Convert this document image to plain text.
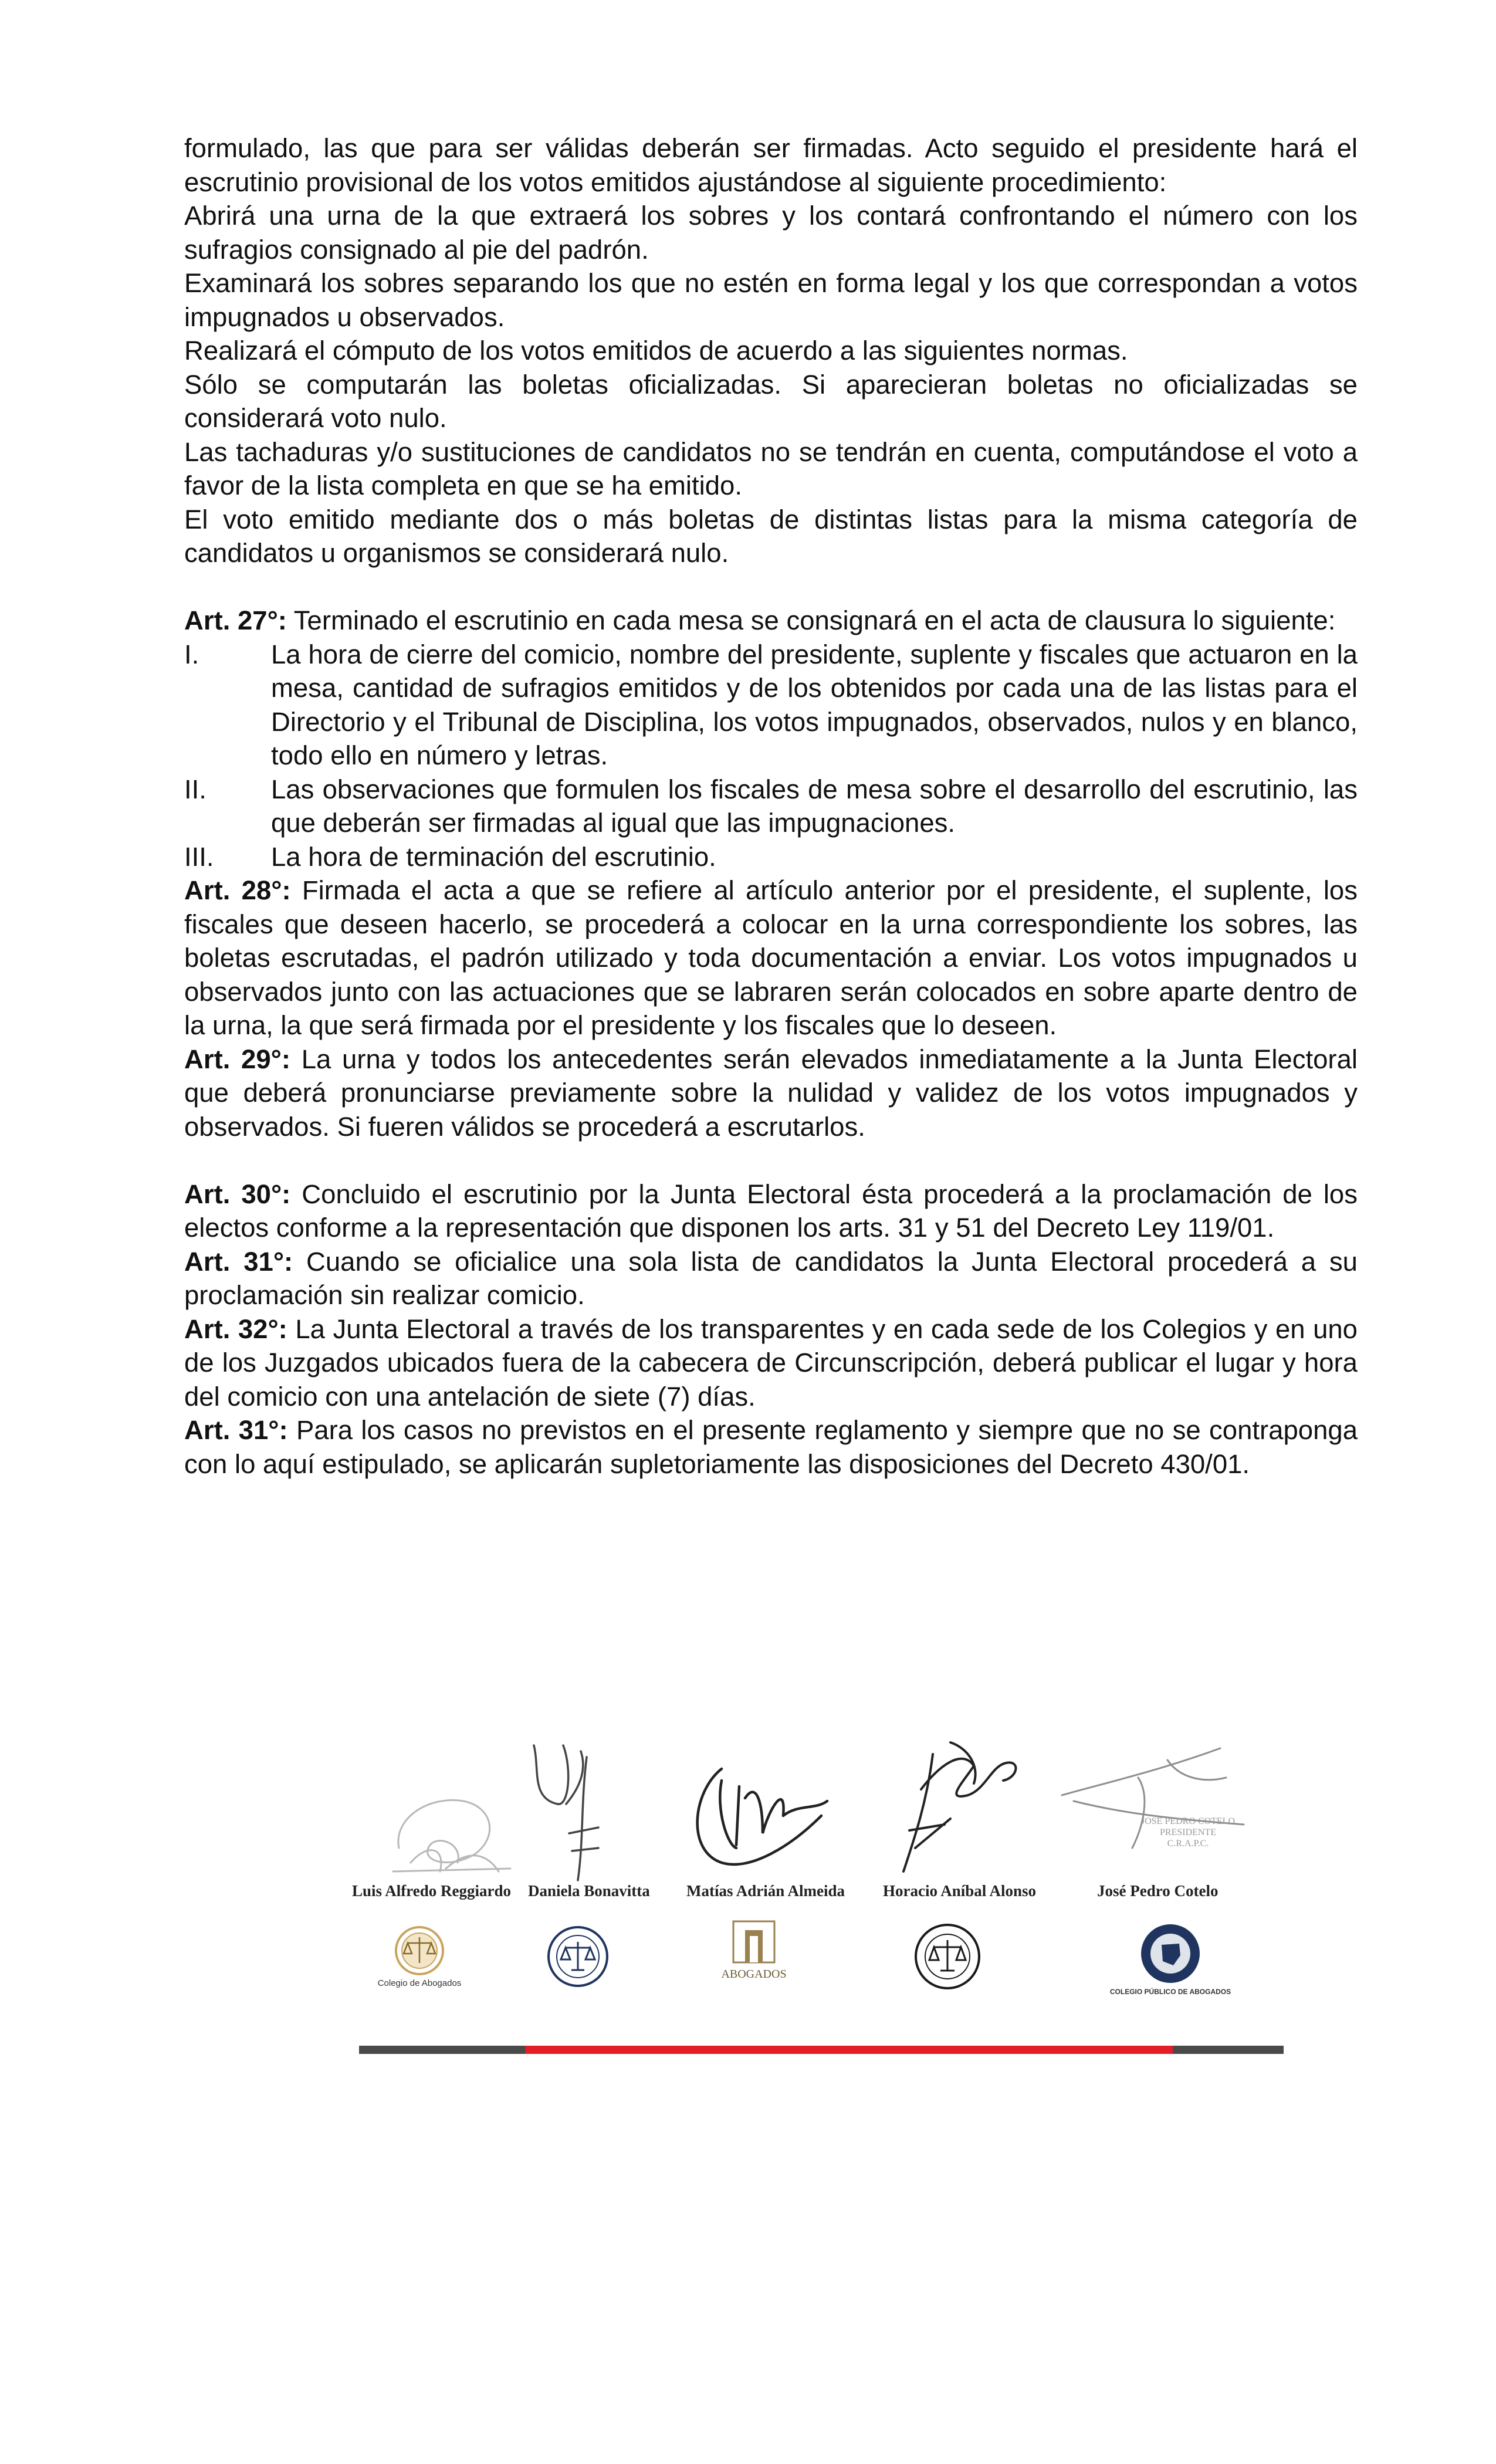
formulado, las que para ser válidas deberán ser firmadas. Acto seguido el presidente hará el escrutinio provisional de los votos emitidos ajustándose al siguiente procedimiento:

Abrirá una urna de la que extraerá los sobres y los contará confrontando el número con los sufragios consignado al pie del padrón.

Examinará los sobres separando los que no estén en forma legal y los que correspondan a votos impugnados u observados.

Realizará el cómputo de los votos emitidos de acuerdo a las siguientes normas.

Sólo se computarán las boletas oficializadas. Si aparecieran boletas no oficializadas se considerará voto nulo.

Las tachaduras y/o sustituciones de candidatos no se tendrán en cuenta, computándose el voto a favor de la lista completa en que se ha emitido.

El voto emitido mediante dos o más boletas de distintas listas para la misma categoría de candidatos u organismos se considerará nulo.

Art. 27°: Terminado el escrutinio en cada mesa se consignará en el acta de clausura lo siguiente:

I.	La hora de cierre del comicio, nombre del presidente, suplente y fiscales que actuaron en la mesa, cantidad de sufragios emitidos y de los obtenidos por cada una de las listas para el Directorio y el Tribunal de Disciplina, los votos impugnados, observados, nulos y en blanco, todo ello en número y letras.
II.	Las observaciones que formulen los fiscales de mesa sobre el desarrollo del escrutinio, las que deberán ser firmadas al igual que las impugnaciones.
III.	La hora de terminación del escrutinio.

Art. 28°: Firmada el acta a que se refiere al artículo anterior por el presidente, el suplente, los fiscales que deseen hacerlo, se procederá a colocar en la urna correspondiente los sobres, las boletas escrutadas, el padrón utilizado y toda documentación a enviar. Los votos impugnados u observados junto con las actuaciones que se labraren serán colocados en sobre aparte dentro de la urna, la que será firmada por el presidente y los fiscales que lo deseen.

Art. 29°: La urna y todos los antecedentes serán elevados inmediatamente a la Junta Electoral que deberá pronunciarse previamente sobre la nulidad y validez de los votos impugnados y observados. Si fueren válidos se procederá a escrutarlos.

Art. 30°: Concluido el escrutinio por la Junta Electoral ésta procederá a la proclamación de los electos conforme a la representación que disponen los arts. 31 y 51 del Decreto Ley 119/01.

Art. 31°: Cuando se oficialice una sola lista de candidatos la Junta Electoral procederá a su proclamación sin realizar comicio.

Art. 32°: La Junta Electoral a través de los transparentes y en cada sede de los Colegios y en uno de los Juzgados ubicados fuera de la cabecera de Circunscripción, deberá publicar el lugar y hora del comicio con una antelación de siete (7) días.

Art. 31°: Para los casos no previstos en el presente reglamento y siempre que no se contraponga con lo aquí estipulado, se aplicarán supletoriamente las disposiciones del Decreto 430/01.

Luis Alfredo Reggiardo Daniela Bonavitta Matías Adrián Almeida Horacio Aníbal Alonso
JOSÉ PEDRO COTELO
PRESIDENTE
C.R.A.P.C.
José Pedro Cotelo
Colegio de Abogados
ABOGADOS
COLEGIO PÚBLICO DE ABOGADOS
